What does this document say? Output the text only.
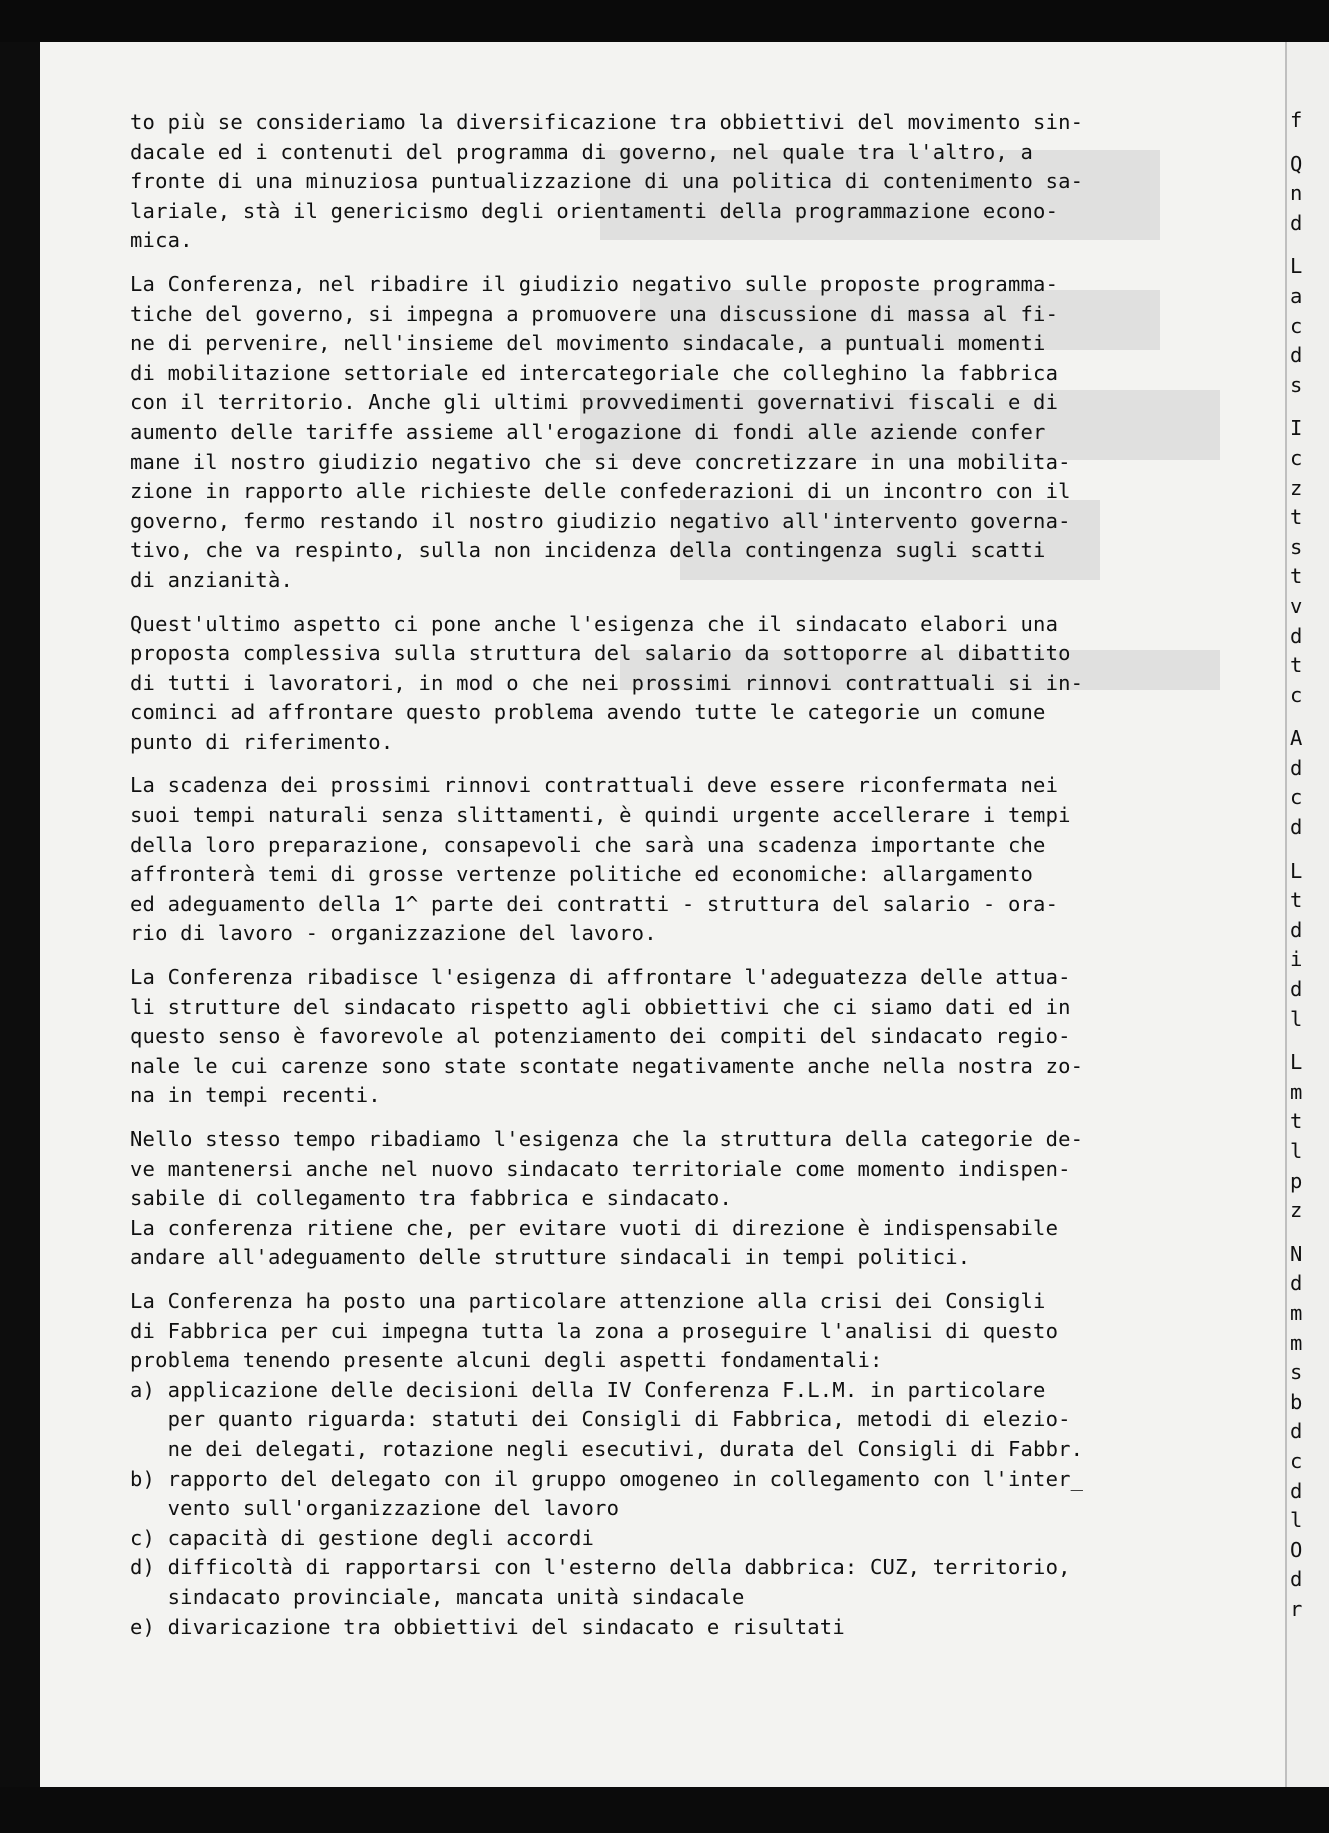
to più se consideriamo la diversificazione tra obbiettivi del movimento sin-
dacale ed i contenuti del programma di governo, nel quale tra l'altro, a
fronte di una minuziosa puntualizzazione di una politica di contenimento sa-
lariale, stà il genericismo degli orientamenti della programmazione econo-
mica.
La Conferenza, nel ribadire il giudizio negativo sulle proposte programma-
tiche del governo, si impegna a promuovere una discussione di massa al fi-
ne di pervenire, nell'insieme del movimento sindacale, a puntuali momenti
di mobilitazione settoriale ed intercategoriale che colleghino la fabbrica
con il territorio. Anche gli ultimi provvedimenti governativi fiscali e di
aumento delle tariffe assieme all'erogazione di fondi alle aziende confer
mane il nostro giudizio negativo che si deve concretizzare in una mobilita-
zione in rapporto alle richieste delle confederazioni di un incontro con il
governo, fermo restando il nostro giudizio negativo all'intervento governa-
tivo, che va respinto, sulla non incidenza della contingenza sugli scatti
di anzianità.
Quest'ultimo aspetto ci pone anche l'esigenza che il sindacato elabori una
proposta complessiva sulla struttura del salario da sottoporre al dibattito
di tutti i lavoratori, in mod o che nei prossimi rinnovi contrattuali si in-
cominci ad affrontare questo problema avendo tutte le categorie un comune
punto di riferimento.
La scadenza dei prossimi rinnovi contrattuali deve essere riconfermata nei
suoi tempi naturali senza slittamenti, è quindi urgente accellerare i tempi
della loro preparazione, consapevoli che sarà una scadenza importante che
affronterà temi di grosse vertenze politiche ed economiche: allargamento
ed adeguamento della 1^ parte dei contratti - struttura del salario - ora-
rio di lavoro - organizzazione del lavoro.
La Conferenza ribadisce l'esigenza di affrontare l'adeguatezza delle attua-
li strutture del sindacato rispetto agli obbiettivi che ci siamo dati ed in
questo senso è favorevole al potenziamento dei compiti del sindacato regio-
nale le cui carenze sono state scontate negativamente anche nella nostra zo-
na in tempi recenti.
Nello stesso tempo ribadiamo l'esigenza che la struttura della categorie de-
ve mantenersi anche nel nuovo sindacato territoriale come momento indispen-
sabile di collegamento tra fabbrica e sindacato.
La conferenza ritiene che, per evitare vuoti di direzione è indispensabile
andare all'adeguamento delle strutture sindacali in tempi politici.
La Conferenza ha posto una particolare attenzione alla crisi dei Consigli
di Fabbrica per cui impegna tutta la zona a proseguire l'analisi di questo
problema tenendo presente alcuni degli aspetti fondamentali:
a) applicazione delle decisioni della IV Conferenza F.L.M. in particolare
per quanto riguarda: statuti dei Consigli di Fabbrica, metodi di elezio-
ne dei delegati, rotazione negli esecutivi, durata del Consigli di Fabbr.
b) rapporto del delegato con il gruppo omogeneo in collegamento con l'inter_
vento sull'organizzazione del lavoro
c) capacità di gestione degli accordi
d) difficoltà di rapportarsi con l'esterno della dabbrica: CUZ, territorio,
sindacato provinciale, mancata unità sindacale
e) divaricazione tra obbiettivi del sindacato e risultati
f
Q
n
d
L
a
c
d
s
I
c
z
t
s
t
v
d
t
c
A
d
c
d
L
t
d
i
d
l
L
m
t
l
p
z
N
d
m
m
s
b
d
c
d
l
O
d
r
